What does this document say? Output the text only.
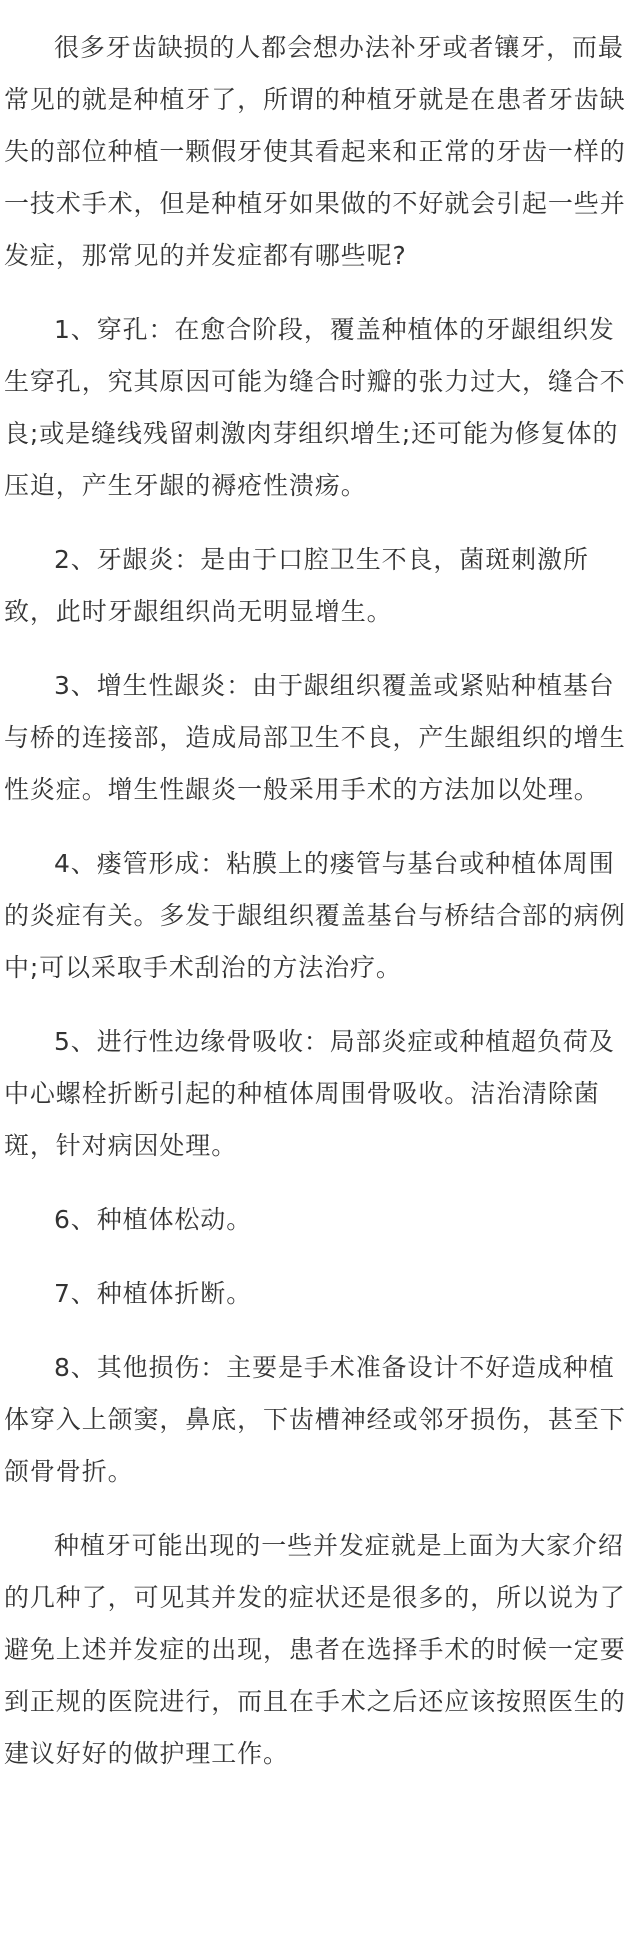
很多牙齿缺损的人都会想办法补牙或者镶牙，而最常见的就是种植牙了，所谓的种植牙就是在患者牙齿缺失的部位种植一颗假牙使其看起来和正常的牙齿一样的一技术手术，但是种植牙如果做的不好就会引起一些并发症，那常见的并发症都有哪些呢?

1、穿孔：在愈合阶段，覆盖种植体的牙龈组织发生穿孔，究其原因可能为缝合时瓣的张力过大，缝合不良;或是缝线残留刺激肉芽组织增生;还可能为修复体的压迫，产生牙龈的褥疮性溃疡。

2、牙龈炎：是由于口腔卫生不良，菌斑刺激所致，此时牙龈组织尚无明显增生。

3、增生性龈炎：由于龈组织覆盖或紧贴种植基台与桥的连接部，造成局部卫生不良，产生龈组织的增生性炎症。增生性龈炎一般采用手术的方法加以处理。

4、瘘管形成：粘膜上的瘘管与基台或种植体周围的炎症有关。多发于龈组织覆盖基台与桥结合部的病例中;可以采取手术刮治的方法治疗。

5、进行性边缘骨吸收：局部炎症或种植超负荷及中心螺栓折断引起的种植体周围骨吸收。洁治清除菌斑，针对病因处理。

6、种植体松动。

7、种植体折断。

8、其他损伤：主要是手术准备设计不好造成种植体穿入上颌窦，鼻底，下齿槽神经或邻牙损伤，甚至下颌骨骨折。

种植牙可能出现的一些并发症就是上面为大家介绍的几种了，可见其并发的症状还是很多的，所以说为了避免上述并发症的出现，患者在选择手术的时候一定要到正规的医院进行，而且在手术之后还应该按照医生的建议好好的做护理工作。
